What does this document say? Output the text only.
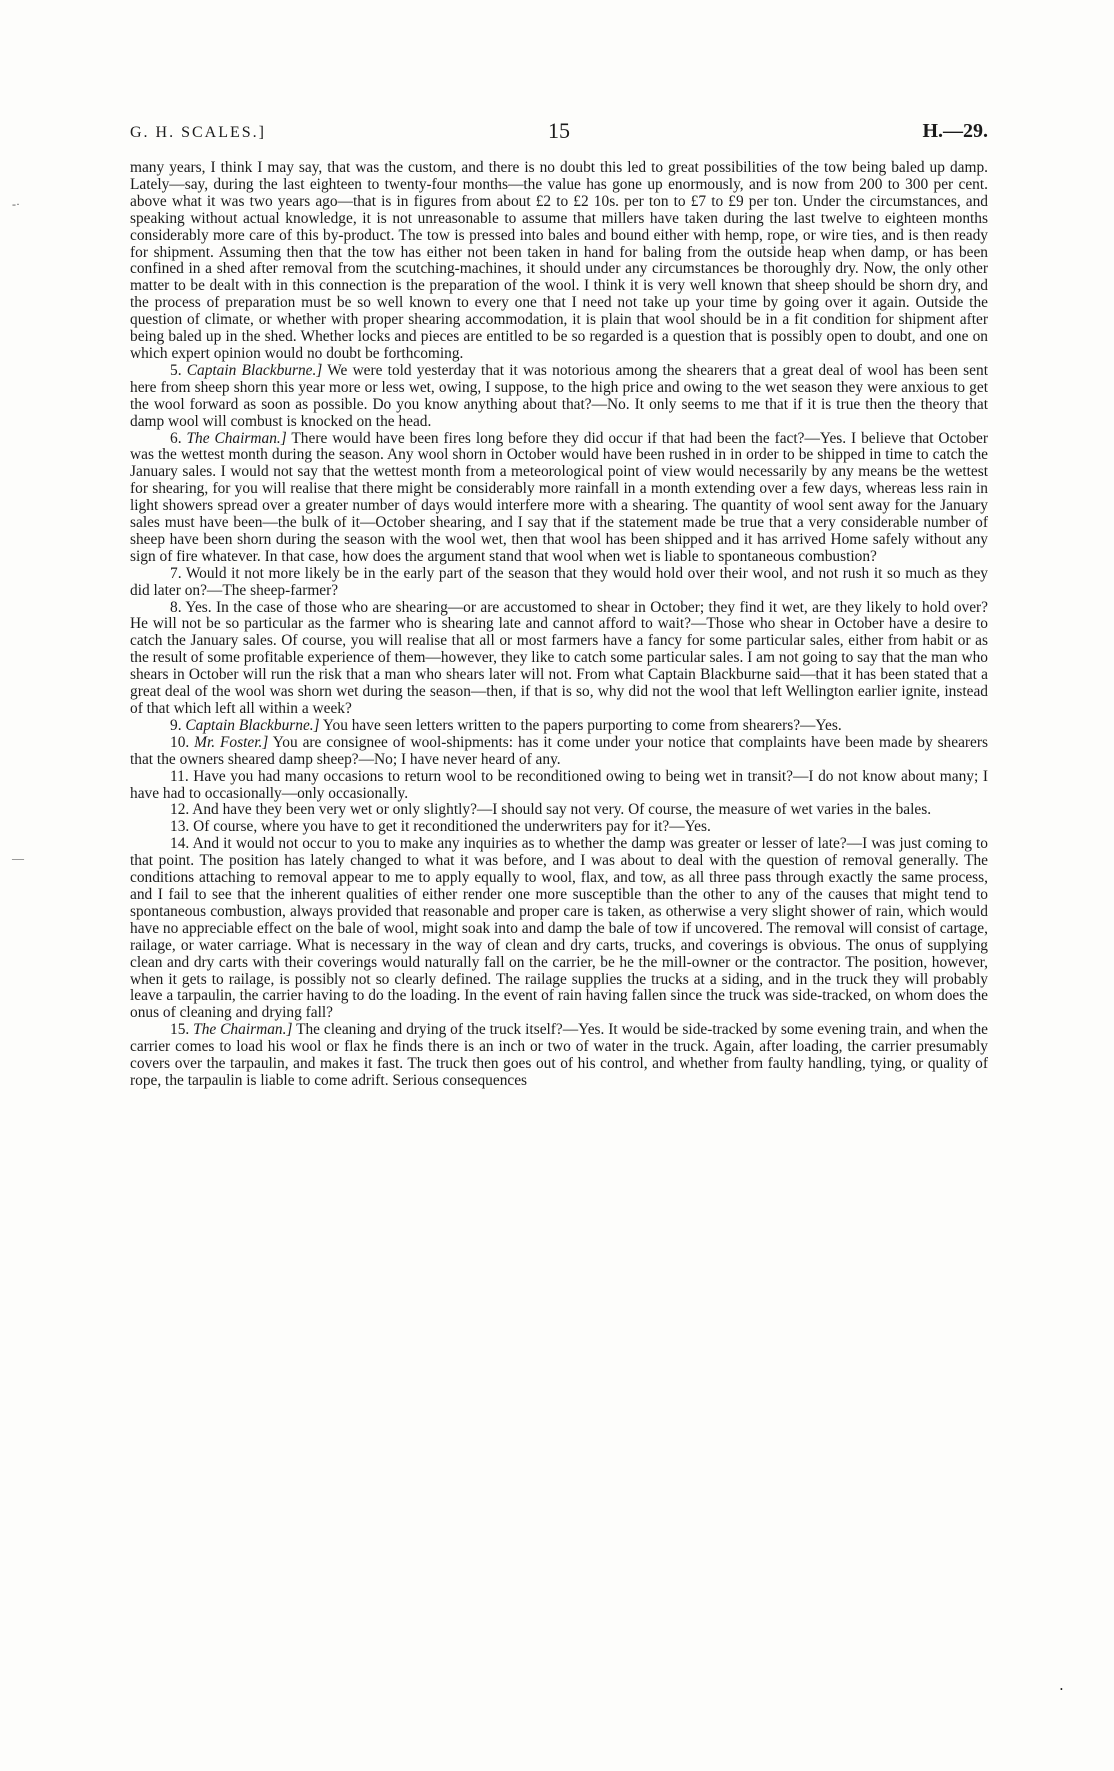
-·
—
•
G. H. SCALES.]	15	H.—29.

many years, I think I may say, that was the custom, and there is no doubt this led to great possibilities of the tow being baled up damp. Lately—say, during the last eighteen to twenty-four months—the value has gone up enormously, and is now from 200 to 300 per cent. above what it was two years ago—that is in figures from about £2 to £2 10s. per ton to £7 to £9 per ton. Under the circumstances, and speaking without actual knowledge, it is not unreasonable to assume that millers have taken during the last twelve to eighteen months considerably more care of this by-product. The tow is pressed into bales and bound either with hemp, rope, or wire ties, and is then ready for shipment. Assuming then that the tow has either not been taken in hand for baling from the outside heap when damp, or has been confined in a shed after removal from the scutching-machines, it should under any circumstances be thoroughly dry. Now, the only other matter to be dealt with in this connection is the preparation of the wool. I think it is very well known that sheep should be shorn dry, and the process of preparation must be so well known to every one that I need not take up your time by going over it again. Outside the question of climate, or whether with proper shearing accommodation, it is plain that wool should be in a fit condition for shipment after being baled up in the shed. Whether locks and pieces are entitled to be so regarded is a question that is possibly open to doubt, and one on which expert opinion would no doubt be forthcoming.

5. Captain Blackburne.] We were told yesterday that it was notorious among the shearers that a great deal of wool has been sent here from sheep shorn this year more or less wet, owing, I suppose, to the high price and owing to the wet season they were anxious to get the wool forward as soon as possible. Do you know anything about that?—No. It only seems to me that if it is true then the theory that damp wool will combust is knocked on the head.

6. The Chairman.] There would have been fires long before they did occur if that had been the fact?—Yes. I believe that October was the wettest month during the season. Any wool shorn in October would have been rushed in in order to be shipped in time to catch the January sales. I would not say that the wettest month from a meteorological point of view would necessarily by any means be the wettest for shearing, for you will realise that there might be considerably more rainfall in a month extending over a few days, whereas less rain in light showers spread over a greater number of days would interfere more with a shearing. The quantity of wool sent away for the January sales must have been—the bulk of it—October shearing, and I say that if the statement made be true that a very considerable number of sheep have been shorn during the season with the wool wet, then that wool has been shipped and it has arrived Home safely without any sign of fire whatever. In that case, how does the argument stand that wool when wet is liable to spontaneous combustion?

7. Would it not more likely be in the early part of the season that they would hold over their wool, and not rush it so much as they did later on?—The sheep-farmer?

8. Yes. In the case of those who are shearing—or are accustomed to shear in October; they find it wet, are they likely to hold over? He will not be so particular as the farmer who is shearing late and cannot afford to wait?—Those who shear in October have a desire to catch the January sales. Of course, you will realise that all or most farmers have a fancy for some particular sales, either from habit or as the result of some profitable experience of them—however, they like to catch some particular sales. I am not going to say that the man who shears in October will run the risk that a man who shears later will not. From what Captain Blackburne said—that it has been stated that a great deal of the wool was shorn wet during the season—then, if that is so, why did not the wool that left Wellington earlier ignite, instead of that which left all within a week?

9. Captain Blackburne.] You have seen letters written to the papers purporting to come from shearers?—Yes.

10. Mr. Foster.] You are consignee of wool-shipments: has it come under your notice that complaints have been made by shearers that the owners sheared damp sheep?—No; I have never heard of any.

11. Have you had many occasions to return wool to be reconditioned owing to being wet in transit?—I do not know about many; I have had to occasionally—only occasionally.

12. And have they been very wet or only slightly?—I should say not very. Of course, the measure of wet varies in the bales.

13. Of course, where you have to get it reconditioned the underwriters pay for it?—Yes.

14. And it would not occur to you to make any inquiries as to whether the damp was greater or lesser of late?—I was just coming to that point. The position has lately changed to what it was before, and I was about to deal with the question of removal generally. The conditions attaching to removal appear to me to apply equally to wool, flax, and tow, as all three pass through exactly the same process, and I fail to see that the inherent qualities of either render one more susceptible than the other to any of the causes that might tend to spontaneous combustion, always provided that reasonable and proper care is taken, as otherwise a very slight shower of rain, which would have no appreciable effect on the bale of wool, might soak into and damp the bale of tow if uncovered. The removal will consist of cartage, railage, or water carriage. What is necessary in the way of clean and dry carts, trucks, and coverings is obvious. The onus of supplying clean and dry carts with their coverings would naturally fall on the carrier, be he the mill-owner or the contractor. The position, however, when it gets to railage, is possibly not so clearly defined. The railage supplies the trucks at a siding, and in the truck they will probably leave a tarpaulin, the carrier having to do the loading. In the event of rain having fallen since the truck was side-tracked, on whom does the onus of cleaning and drying fall?

15. The Chairman.] The cleaning and drying of the truck itself?—Yes. It would be side-tracked by some evening train, and when the carrier comes to load his wool or flax he finds there is an inch or two of water in the truck. Again, after loading, the carrier presumably covers over the tarpaulin, and makes it fast. The truck then goes out of his control, and whether from faulty handling, tying, or quality of rope, the tarpaulin is liable to come adrift. Serious consequences
